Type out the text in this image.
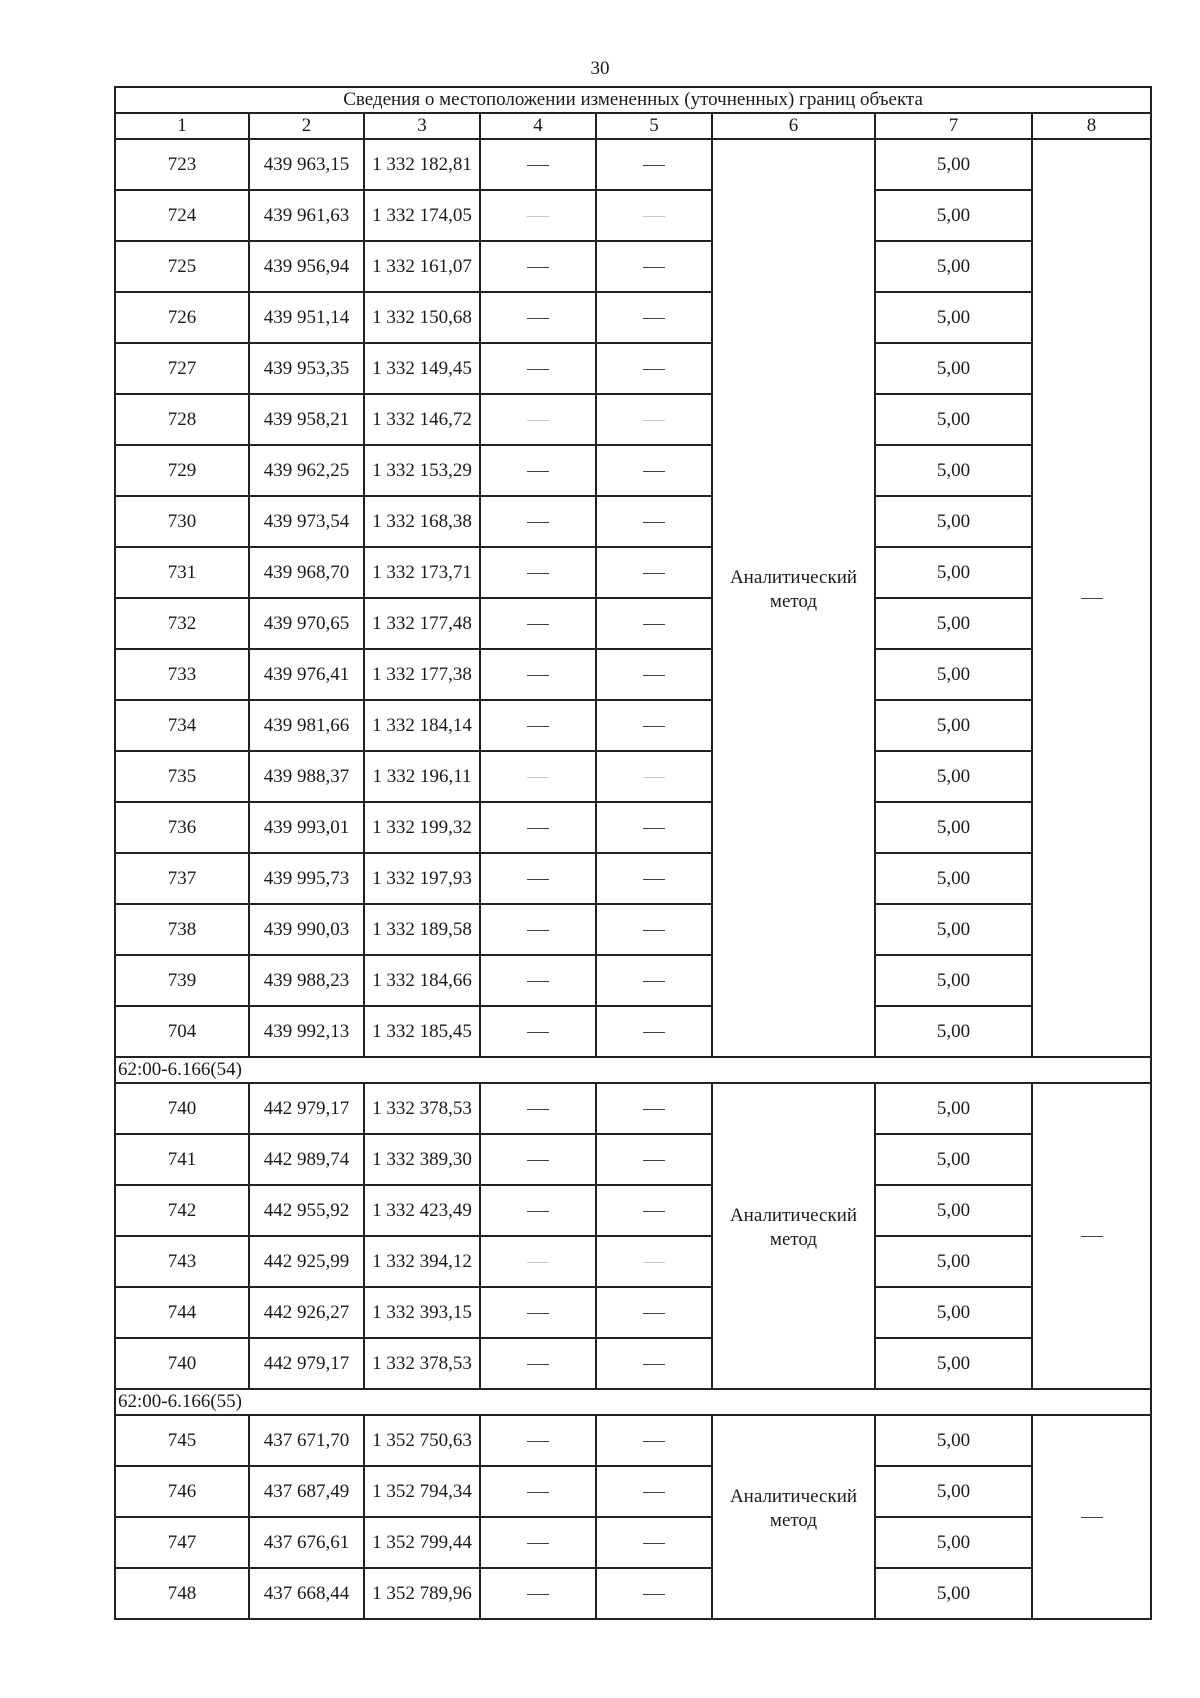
30
Сведения о местоположении измененных (уточненных) границ объекта							
1	2	3	4	5	6	7	8
723	439 963,15	1 332 182,81			Аналитический метод	5,00	
724	439 961,63	1 332 174,05				5,00	
725	439 956,94	1 332 161,07				5,00	
726	439 951,14	1 332 150,68				5,00	
727	439 953,35	1 332 149,45				5,00	
728	439 958,21	1 332 146,72				5,00	
729	439 962,25	1 332 153,29				5,00	
730	439 973,54	1 332 168,38				5,00	
731	439 968,70	1 332 173,71				5,00	
732	439 970,65	1 332 177,48				5,00	
733	439 976,41	1 332 177,38				5,00	
734	439 981,66	1 332 184,14				5,00	
735	439 988,37	1 332 196,11				5,00	
736	439 993,01	1 332 199,32				5,00	
737	439 995,73	1 332 197,93				5,00	
738	439 990,03	1 332 189,58				5,00	
739	439 988,23	1 332 184,66				5,00	
704	439 992,13	1 332 185,45				5,00	
62:00-6.166(54)							
740	442 979,17	1 332 378,53			Аналитический метод	5,00	
741	442 989,74	1 332 389,30				5,00	
742	442 955,92	1 332 423,49				5,00	
743	442 925,99	1 332 394,12				5,00	
744	442 926,27	1 332 393,15				5,00	
740	442 979,17	1 332 378,53				5,00	
62:00-6.166(55)							
745	437 671,70	1 352 750,63			Аналитический метод	5,00	
746	437 687,49	1 352 794,34				5,00	
747	437 676,61	1 352 799,44				5,00	
748	437 668,44	1 352 789,96				5,00	
